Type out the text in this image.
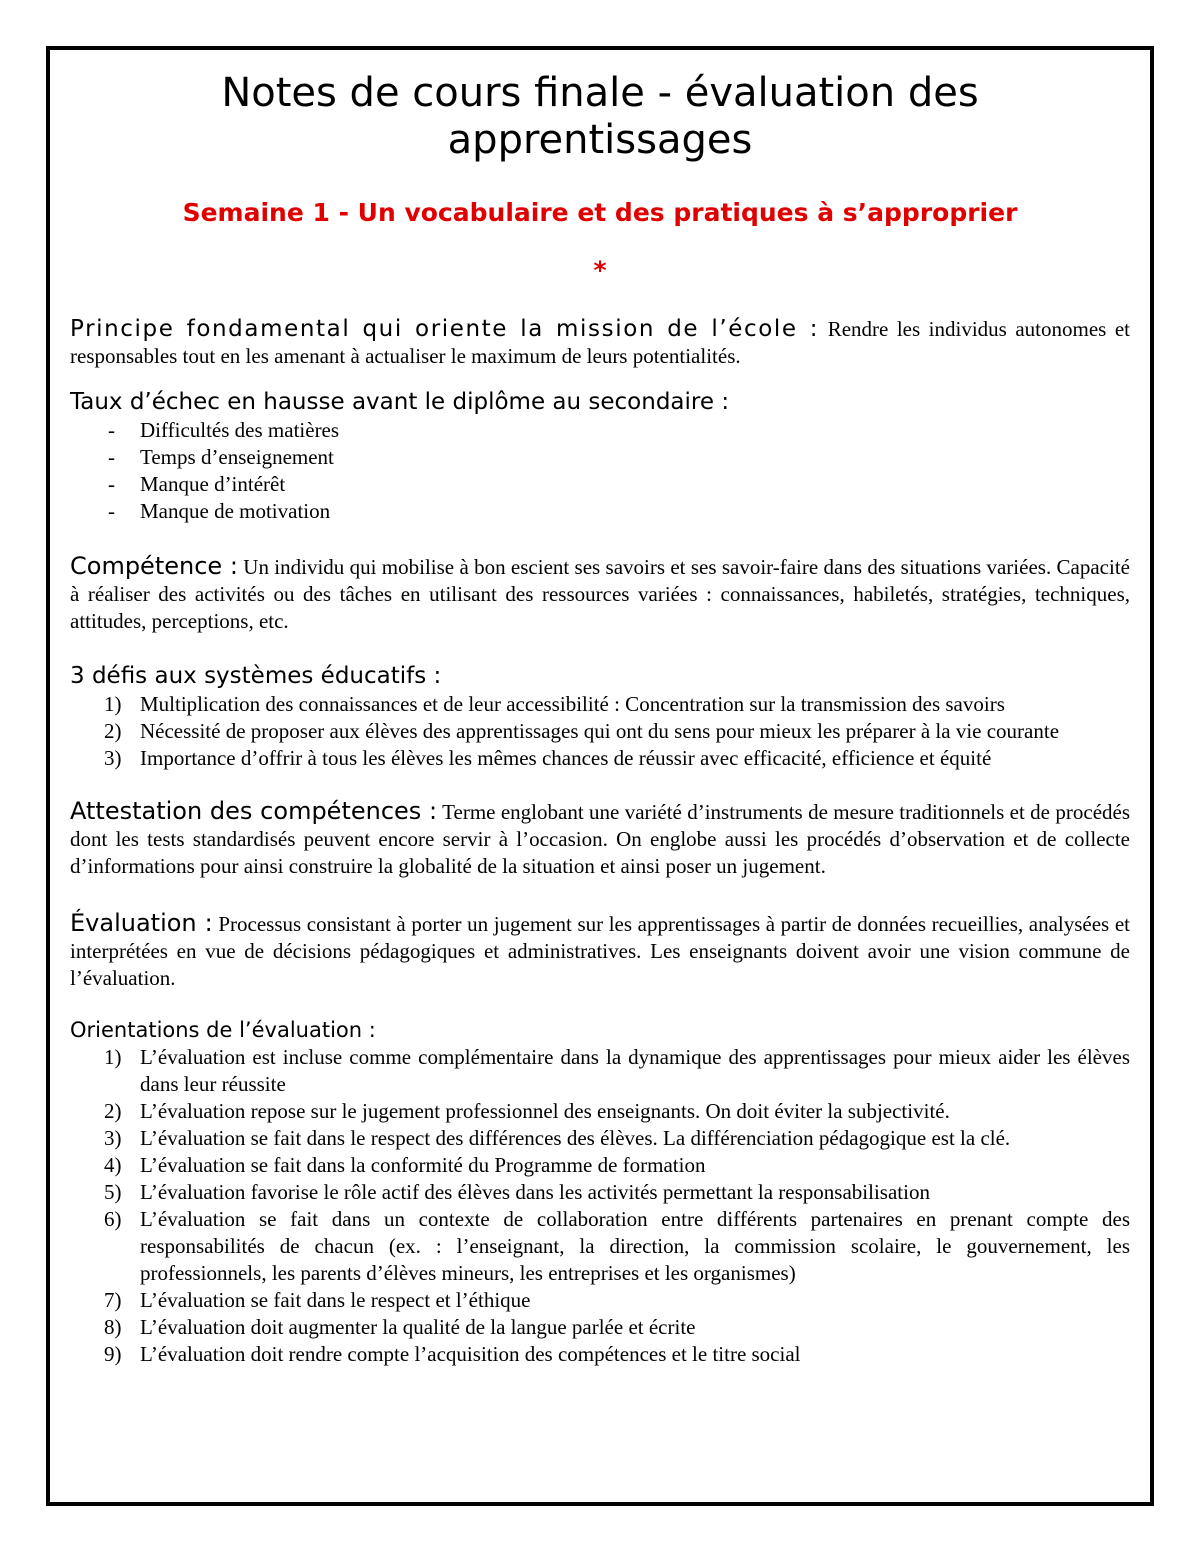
Notes de cours finale - évaluation des apprentissages
Semaine 1 - Un vocabulaire et des pratiques à s’approprier
*

Principe fondamental qui oriente la mission de l’école : Rendre les individus autonomes et responsables tout en les amenant à actualiser le maximum de leurs potentialités.

Taux d’échec en hausse avant le diplôme au secondaire :
- Difficultés des matières
- Temps d’enseignement
- Manque d’intérêt
- Manque de motivation

Compétence : Un individu qui mobilise à bon escient ses savoirs et ses savoir-faire dans des situations variées. Capacité à réaliser des activités ou des tâches en utilisant des ressources variées : connaissances, habiletés, stratégies, techniques, attitudes, perceptions, etc.

3 défis aux systèmes éducatifs :
1) Multiplication des connaissances et de leur accessibilité : Concentration sur la transmission des savoirs
2) Nécessité de proposer aux élèves des apprentissages qui ont du sens pour mieux les préparer à la vie courante
3) Importance d’offrir à tous les élèves les mêmes chances de réussir avec efficacité, efficience et équité

Attestation des compétences : Terme englobant une variété d’instruments de mesure traditionnels et de procédés dont les tests standardisés peuvent encore servir à l’occasion. On englobe aussi les procédés d’observation et de collecte d’informations pour ainsi construire la globalité de la situation et ainsi poser un jugement.

Évaluation : Processus consistant à porter un jugement sur les apprentissages à partir de données recueillies, analysées et interprétées en vue de décisions pédagogiques et administratives. Les enseignants doivent avoir une vision commune de l’évaluation.

Orientations de l’évaluation :
1) L’évaluation est incluse comme complémentaire dans la dynamique des apprentissages pour mieux aider les élèves dans leur réussite
2) L’évaluation repose sur le jugement professionnel des enseignants. On doit éviter la subjectivité.
3) L’évaluation se fait dans le respect des différences des élèves. La différenciation pédagogique est la clé.
4) L’évaluation se fait dans la conformité du Programme de formation
5) L’évaluation favorise le rôle actif des élèves dans les activités permettant la responsabilisation
6) L’évaluation se fait dans un contexte de collaboration entre différents partenaires en prenant compte des responsabilités de chacun (ex. : l’enseignant, la direction, la commission scolaire, le gouvernement, les professionnels, les parents d’élèves mineurs, les entreprises et les organismes)
7) L’évaluation se fait dans le respect et l’éthique
8) L’évaluation doit augmenter la qualité de la langue parlée et écrite
9) L’évaluation doit rendre compte l’acquisition des compétences et le titre social
